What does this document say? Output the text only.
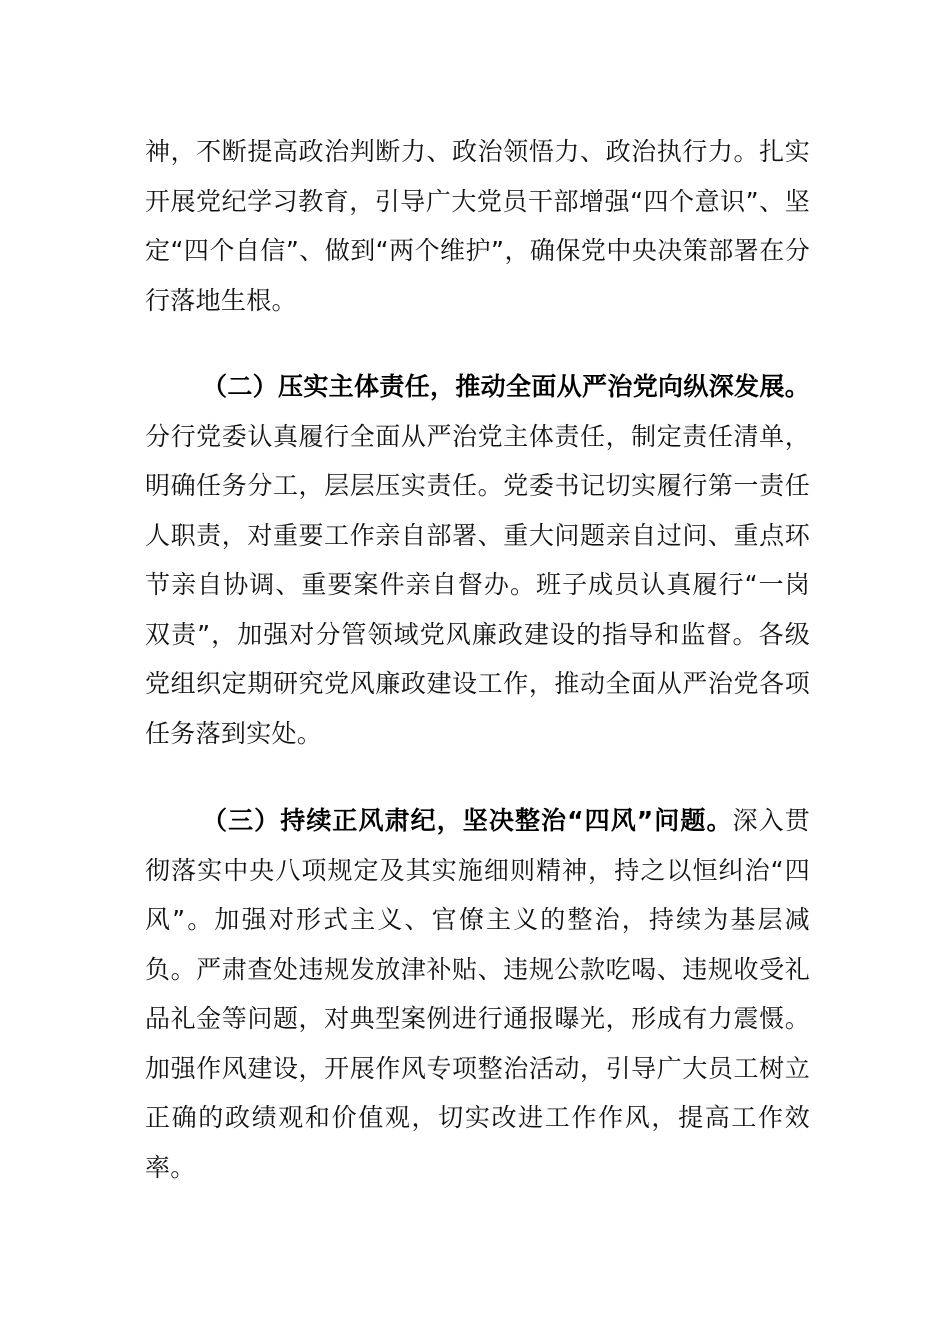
神，不断提高政治判断力、政治领悟力、政治执行力。扎实开展党纪学习教育，引导广大党员干部增强“四个意识”、坚定“四个自信”、做到“两个维护”，确保党中央决策部署在分行落地生根。

（二）压实主体责任，推动全面从严治党向纵深发展。分行党委认真履行全面从严治党主体责任，制定责任清单，明确任务分工，层层压实责任。党委书记切实履行第一责任人职责，对重要工作亲自部署、重大问题亲自过问、重点环节亲自协调、重要案件亲自督办。班子成员认真履行“一岗双责”，加强对分管领域党风廉政建设的指导和监督。各级党组织定期研究党风廉政建设工作，推动全面从严治党各项任务落到实处。

（三）持续正风肃纪，坚决整治“四风”问题。深入贯彻落实中央八项规定及其实施细则精神，持之以恒纠治“四风”。加强对形式主义、官僚主义的整治，持续为基层减负。严肃查处违规发放津补贴、违规公款吃喝、违规收受礼品礼金等问题，对典型案例进行通报曝光，形成有力震慑。加强作风建设，开展作风专项整治活动，引导广大员工树立正确的政绩观和价值观，切实改进工作作风，提高工作效率。
